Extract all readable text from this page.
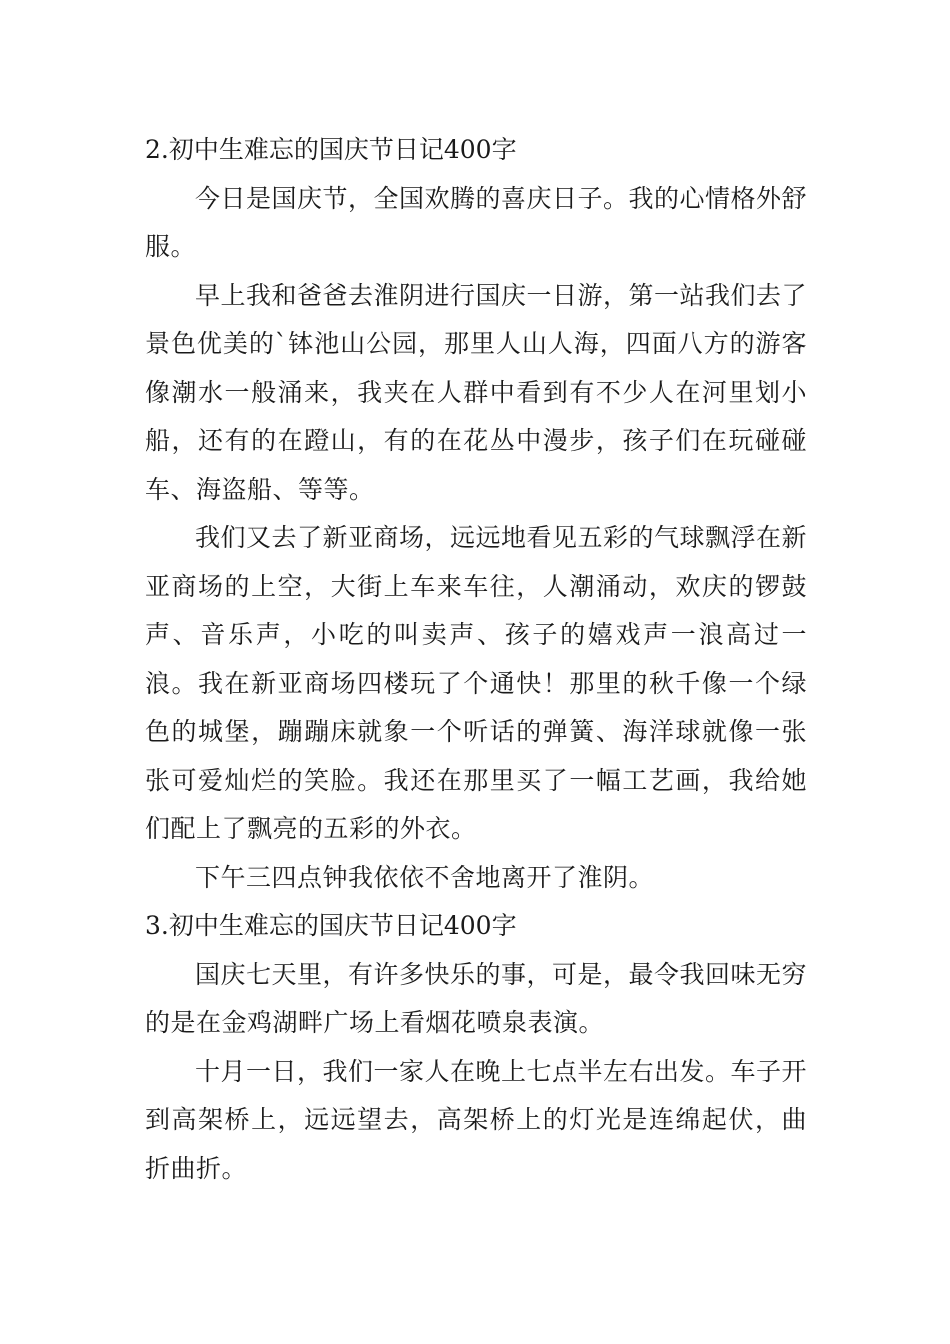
2.初中生难忘的国庆节日记400字

今日是国庆节，全国欢腾的喜庆日子。我的心情格外舒服。

早上我和爸爸去淮阴进行国庆一日游，第一站我们去了景色优美的`钵池山公园，那里人山人海，四面八方的游客像潮水一般涌来，我夹在人群中看到有不少人在河里划小船，还有的在蹬山，有的在花丛中漫步，孩子们在玩碰碰车、海盗船、等等。

我们又去了新亚商场，远远地看见五彩的气球飘浮在新亚商场的上空，大街上车来车往，人潮涌动，欢庆的锣鼓声、音乐声，小吃的叫卖声、孩子的嬉戏声一浪高过一浪。我在新亚商场四楼玩了个通快！那里的秋千像一个绿色的城堡，蹦蹦床就象一个听话的弹簧、海洋球就像一张张可爱灿烂的笑脸。我还在那里买了一幅工艺画，我给她们配上了飘亮的五彩的外衣。

下午三四点钟我依依不舍地离开了淮阴。

3.初中生难忘的国庆节日记400字

国庆七天里，有许多快乐的事，可是，最令我回味无穷的是在金鸡湖畔广场上看烟花喷泉表演。

十月一日，我们一家人在晚上七点半左右出发。车子开到高架桥上，远远望去，高架桥上的灯光是连绵起伏，曲折曲折。
